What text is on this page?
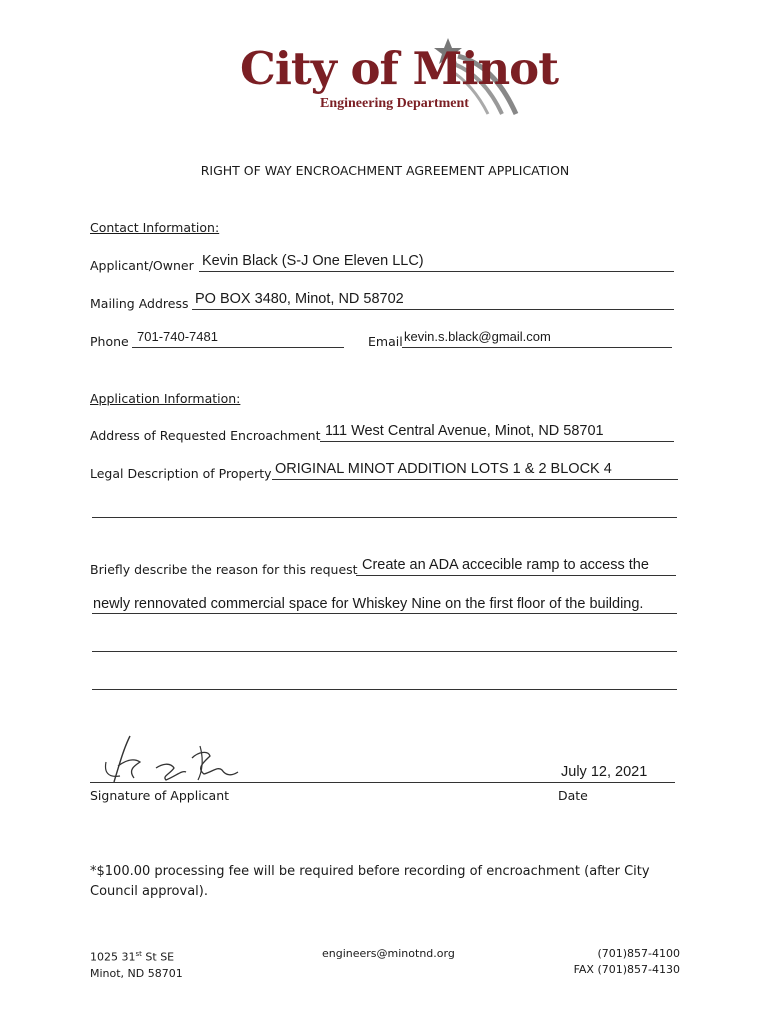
City of Minot
Engineering Department
RIGHT OF WAY ENCROACHMENT AGREEMENT APPLICATION
Contact Information:
Applicant/Owner Kevin Black (S-J One Eleven LLC)
Mailing Address PO BOX 3480, Minot, ND 58702
Phone 701-740-7481	Email kevin.s.black@gmail.com
Application Information:
Address of Requested Encroachment 111 West Central Avenue, Minot, ND 58701
Legal Description of Property ORIGINAL MINOT ADDITION LOTS 1 & 2 BLOCK 4
Briefly describe the reason for this request Create an ADA accecible ramp to access the
newly rennovated commercial space for Whiskey Nine on the first floor of the building.
July 12, 2021
Signature of Applicant	Date
*$100.00 processing fee will be required before recording of encroachment (after City Council approval).
1025 31st St SE
Minot, ND 58701
engineers@minotnd.org	(701)857-4100
FAX (701)857-4130
